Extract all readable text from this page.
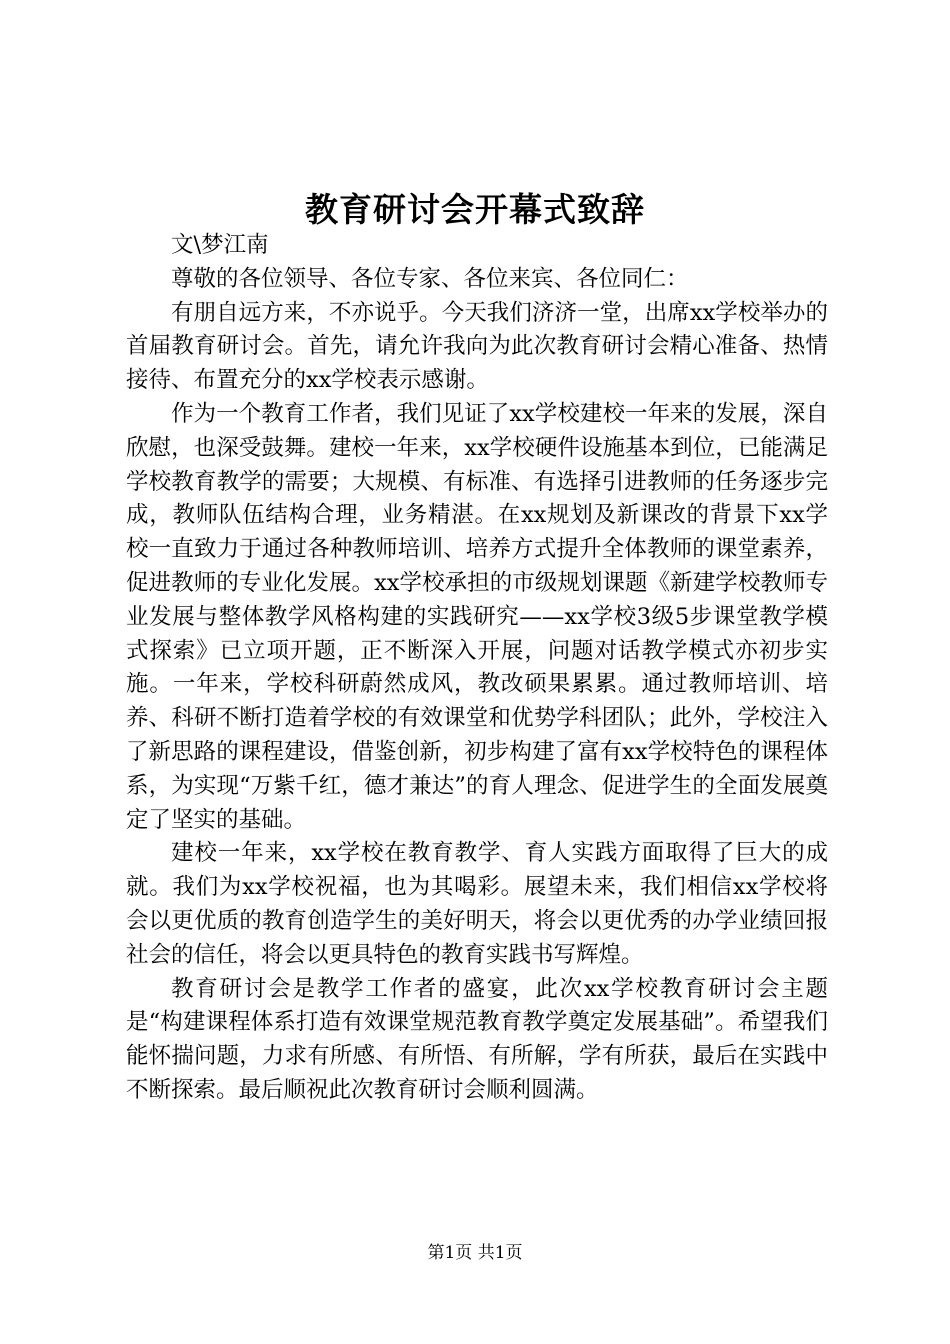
教育研讨会开幕式致辞

文\梦江南

尊敬的各位领导、各位专家、各位来宾、各位同仁：

有朋自远方来，不亦说乎。今天我们济济一堂，出席xx学校举办的首届教育研讨会。首先，请允许我向为此次教育研讨会精心准备、热情接待、布置充分的xx学校表示感谢。

作为一个教育工作者，我们见证了xx学校建校一年来的发展，深自欣慰，也深受鼓舞。建校一年来，xx学校硬件设施基本到位，已能满足学校教育教学的需要；大规模、有标准、有选择引进教师的任务逐步完成，教师队伍结构合理，业务精湛。在xx规划及新课改的背景下xx学校一直致力于通过各种教师培训、培养方式提升全体教师的课堂素养，促进教师的专业化发展。xx学校承担的市级规划课题《新建学校教师专业发展与整体教学风格构建的实践研究——xx学校3级5步课堂教学模式探索》已立项开题，正不断深入开展，问题对话教学模式亦初步实施。一年来，学校科研蔚然成风，教改硕果累累。通过教师培训、培养、科研不断打造着学校的有效课堂和优势学科团队；此外，学校注入了新思路的课程建设，借鉴创新，初步构建了富有xx学校特色的课程体系，为实现“万紫千红，德才兼达”的育人理念、促进学生的全面发展奠定了坚实的基础。

建校一年来，xx学校在教育教学、育人实践方面取得了巨大的成就。我们为xx学校祝福，也为其喝彩。展望未来，我们相信xx学校将会以更优质的教育创造学生的美好明天，将会以更优秀的办学业绩回报社会的信任，将会以更具特色的教育实践书写辉煌。

教育研讨会是教学工作者的盛宴，此次xx学校教育研讨会主题是“构建课程体系打造有效课堂规范教育教学奠定发展基础”。希望我们能怀揣问题，力求有所感、有所悟、有所解，学有所获，最后在实践中不断探索。最后顺祝此次教育研讨会顺利圆满。

第1页 共1页
